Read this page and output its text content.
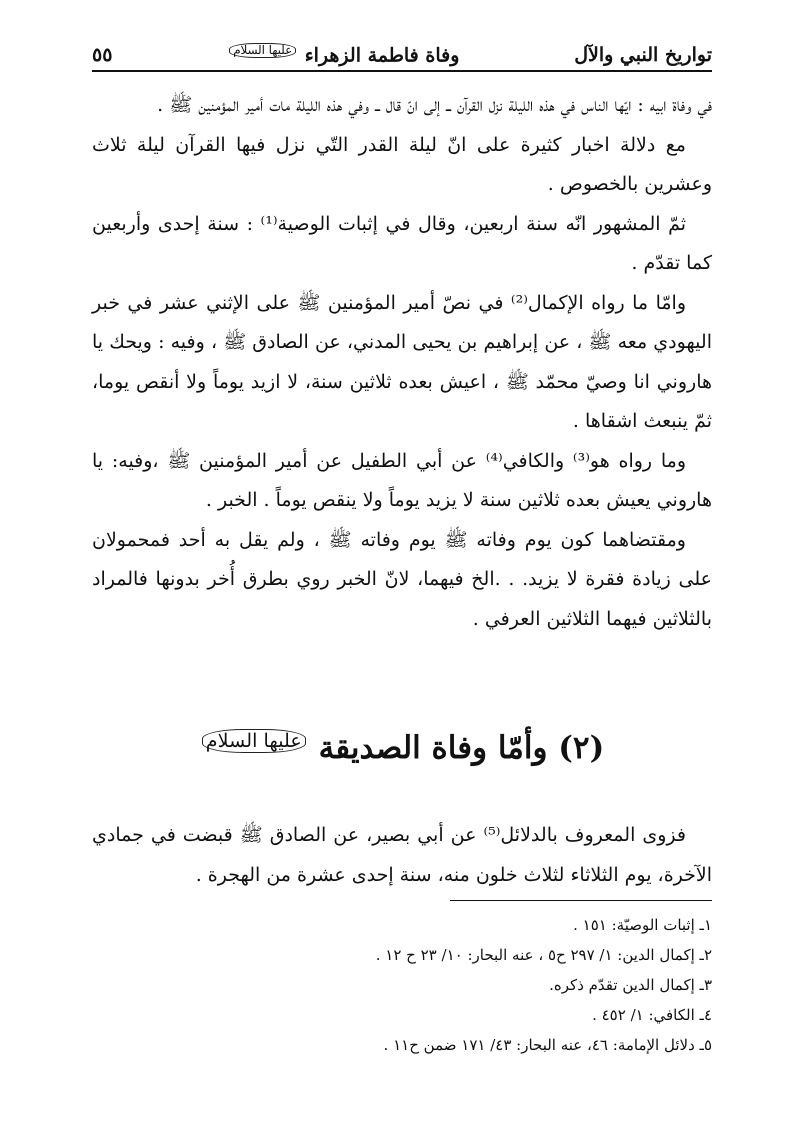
تواريخ النبي والآل
وفاة فاطمة الزهراء عليها السلام
٥٥

في وفاة ابيه : ايّها الناس في هذه الليلة نزل القرآن ــ إلى انّ قال ــ وفي هذه الليلة مات أمير المؤمنين ﷺ .

مع دلالة اخبار كثيرة على انّ ليلة القدر التّي نزل فيها القرآن ليلة ثلاث وعشرين بالخصوص .

ثمّ المشهور انّه سنة اربعين، وقال في إثبات الوصية⁽¹⁾ : سنة إحدى وأربعين كما تقدّم .

وامّا ما رواه الإكمال⁽²⁾ في نصّ أمير المؤمنين ﷺ على الإثني عشر في خبر اليهودي معه ﷺ ، عن إبراهيم بن يحيى المدني، عن الصادق ﷺ ، وفيه : ويحك يا هاروني انا وصيّ محمّد ﷺ ، اعيش بعده ثلاثين سنة، لا ازيد يوماً ولا أنقص يوما، ثمّ ينبعث اشقاها .

وما رواه هو⁽³⁾ والكافي⁽⁴⁾ عن أبي الطفيل عن أمير المؤمنين ﷺ ،وفيه: يا هاروني يعيش بعده ثلاثين سنة لا يزيد يوماً ولا ينقص يوماً . الخبر .

ومقتضاهما كون يوم وفاته ﷺ يوم وفاته ﷺ ، ولم يقل به أحد فمحمولان على زيادة فقرة لا يزيد. . .الخ فيهما، لانّ الخبر روي بطرق أُخر بدونها فالمراد بالثلاثين فيهما الثلاثين العرفي .

(٢) وأمّا وفاة الصديقة عليها السلام

فزوى المعروف بالدلائل⁽⁵⁾ عن أبي بصير، عن الصادق ﷺ قبضت في جمادي الآخرة، يوم الثلاثاء لثلاث خلون منه، سنة إحدى عشرة من الهجرة .

١ـ إثبات الوصيّة: ١٥١ .
٢ـ إكمال الدين: ١/ ٢٩٧ ح٥ ، عنه البحار: ١٠/ ٢٣ ح ١٢ .
٣ـ إكمال الدين تقدّم ذكره.
٤ـ الكافي: ١/ ٤٥٢ .
٥ـ دلائل الإمامة: ٤٦، عنه البحار: ٤٣/ ١٧١ ضمن ح١١ .
